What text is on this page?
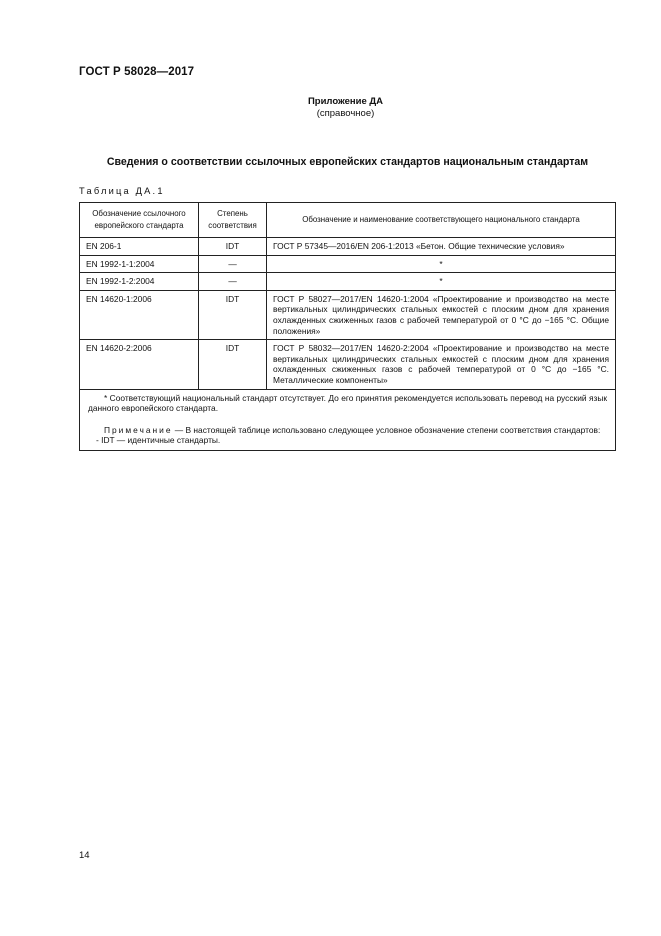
ГОСТ Р 58028—2017
Приложение ДА
(справочное)
Сведения о соответствии ссылочных европейских стандартов национальным стандартам
Таблица ДА.1
Обозначение ссылочного европейского стандарта	Степень соответствия	Обозначение и наименование соответствующего национального стандарта
EN 206-1	IDT	ГОСТ Р 57345—2016/EN 206-1:2013 «Бетон. Общие технические условия»
EN 1992-1-1:2004	—	*
EN 1992-1-2:2004	—	*
EN 14620-1:2006	IDT	ГОСТ Р 58027—2017/EN 14620-1:2004 «Проектирование и производство на месте вертикальных цилиндрических стальных емкостей с плоским дном для хранения охлажденных сжиженных газов с рабочей температурой от 0 °С до −165 °С. Общие положения»
EN 14620-2:2006	IDT	ГОСТ Р 58032—2017/EN 14620-2:2004 «Проектирование и производство на месте вертикальных цилиндрических стальных емкостей с плоским дном для хранения охлажденных сжиженных газов с рабочей температурой от 0 °С до −165 °С. Металлические компоненты»

* Соответствующий национальный стандарт отсутствует. До его принятия рекомендуется использовать перевод на русский язык данного европейского стандарта.

Примечание — В настоящей таблице использовано следующее условное обозначение степени соответствия стандартов:

- IDT — идентичные стандарты.		

14
